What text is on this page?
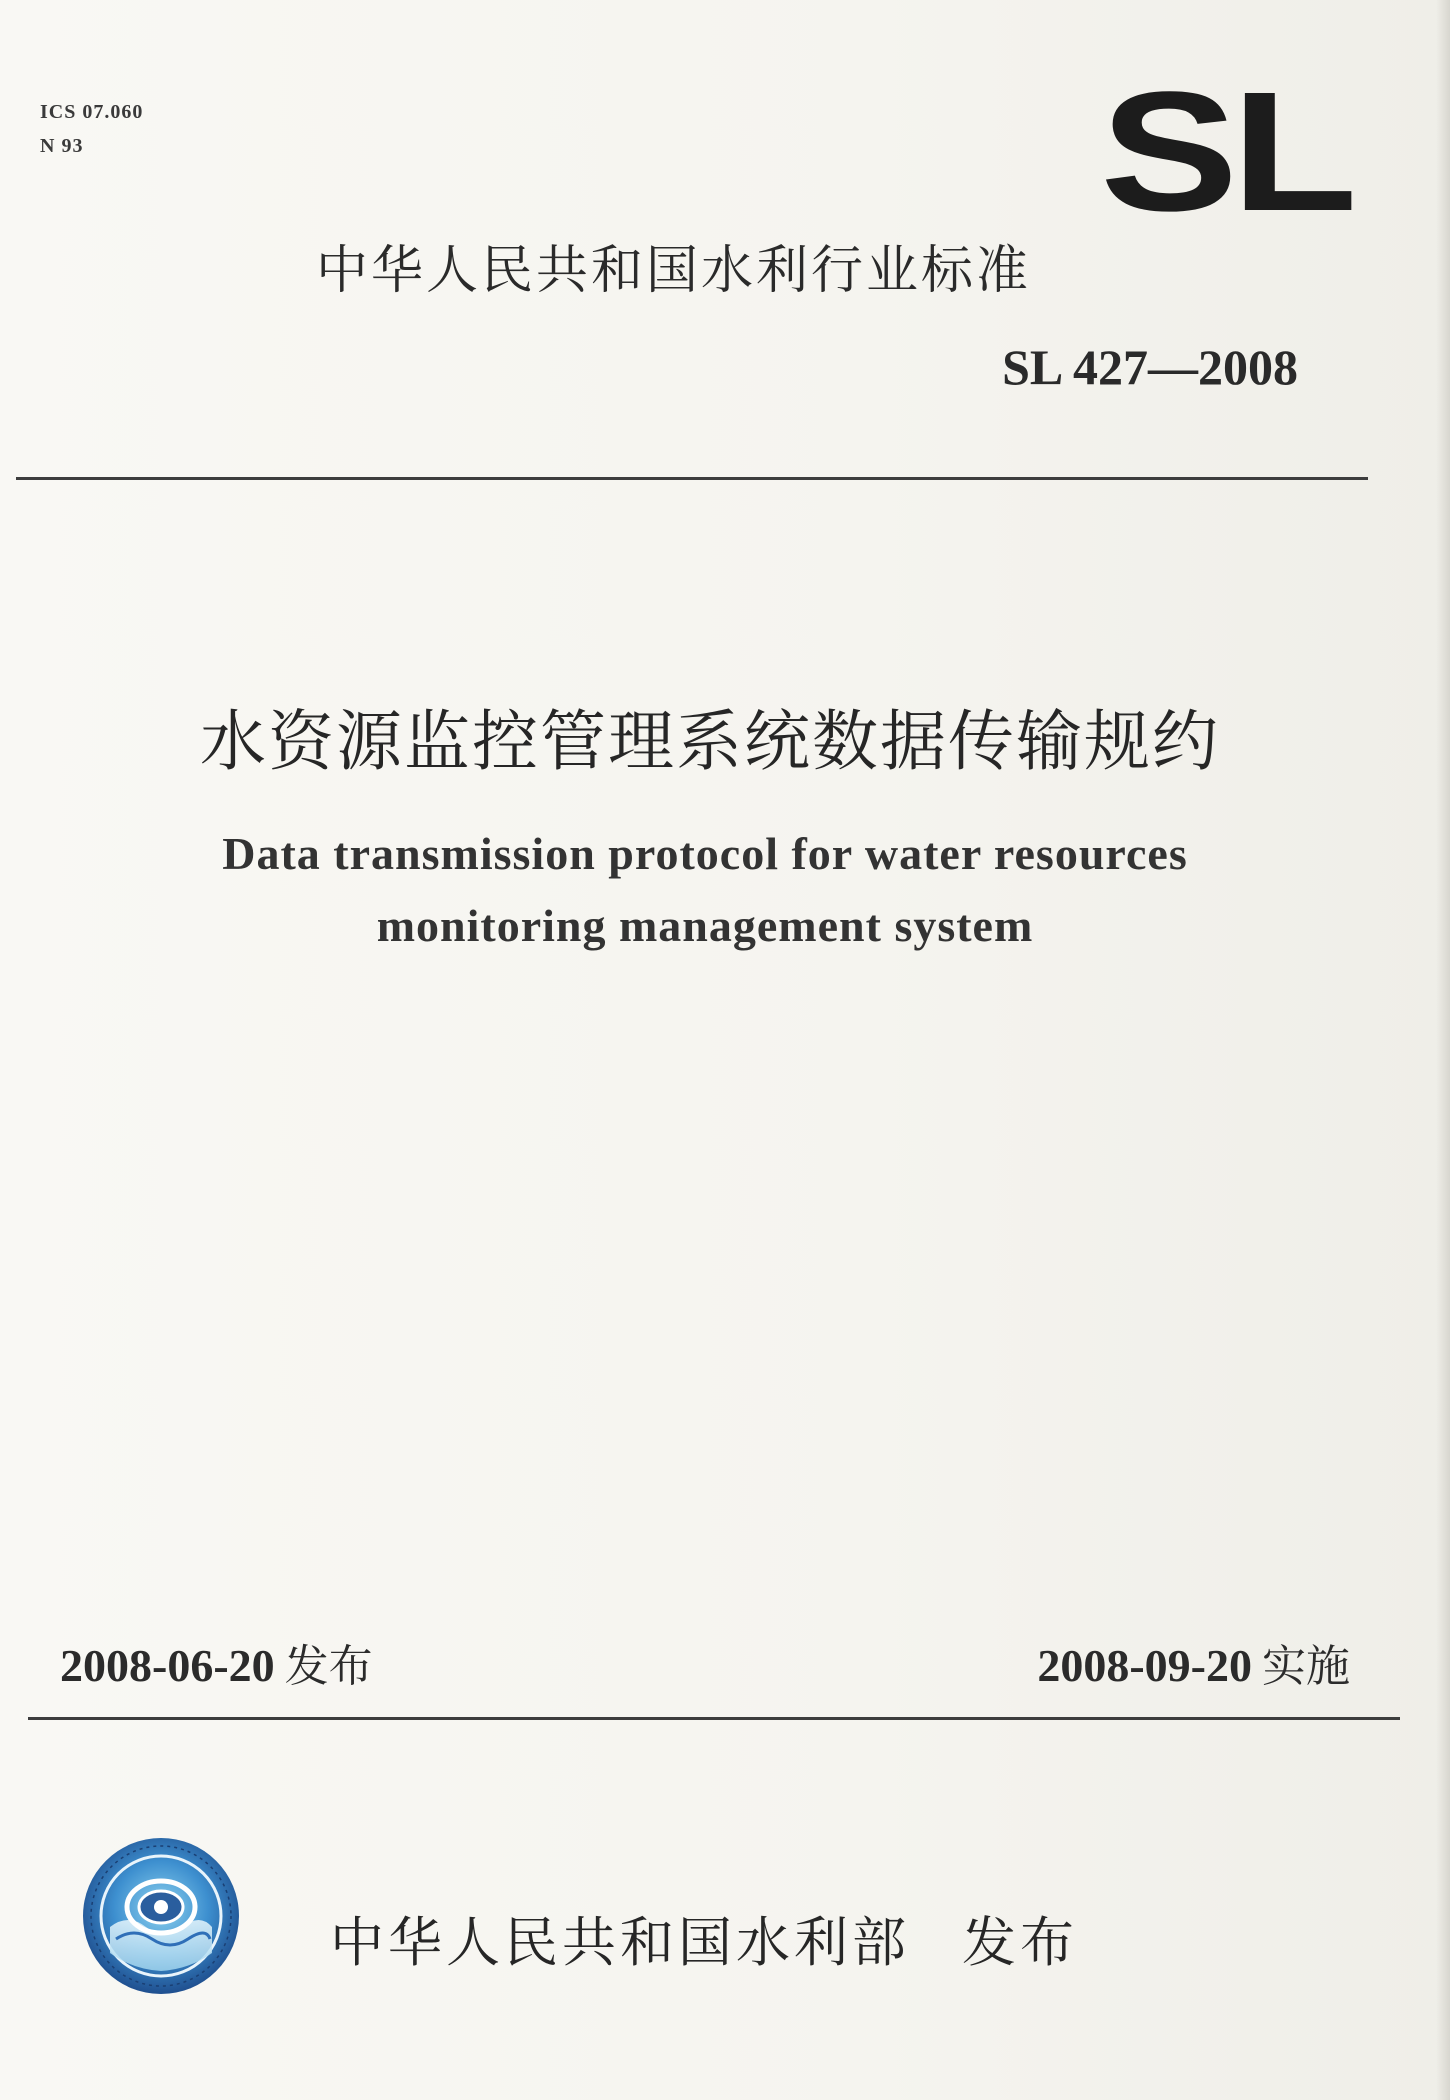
ICS 07.060
N 93	SL
中华人民共和国水利行业标准
SL 427—2008
水资源监控管理系统数据传输规约
Data transmission protocol for water resources
monitoring management system
2008-06-20 发布	2008-09-20 实施
中华人民共和国水利部 发布
